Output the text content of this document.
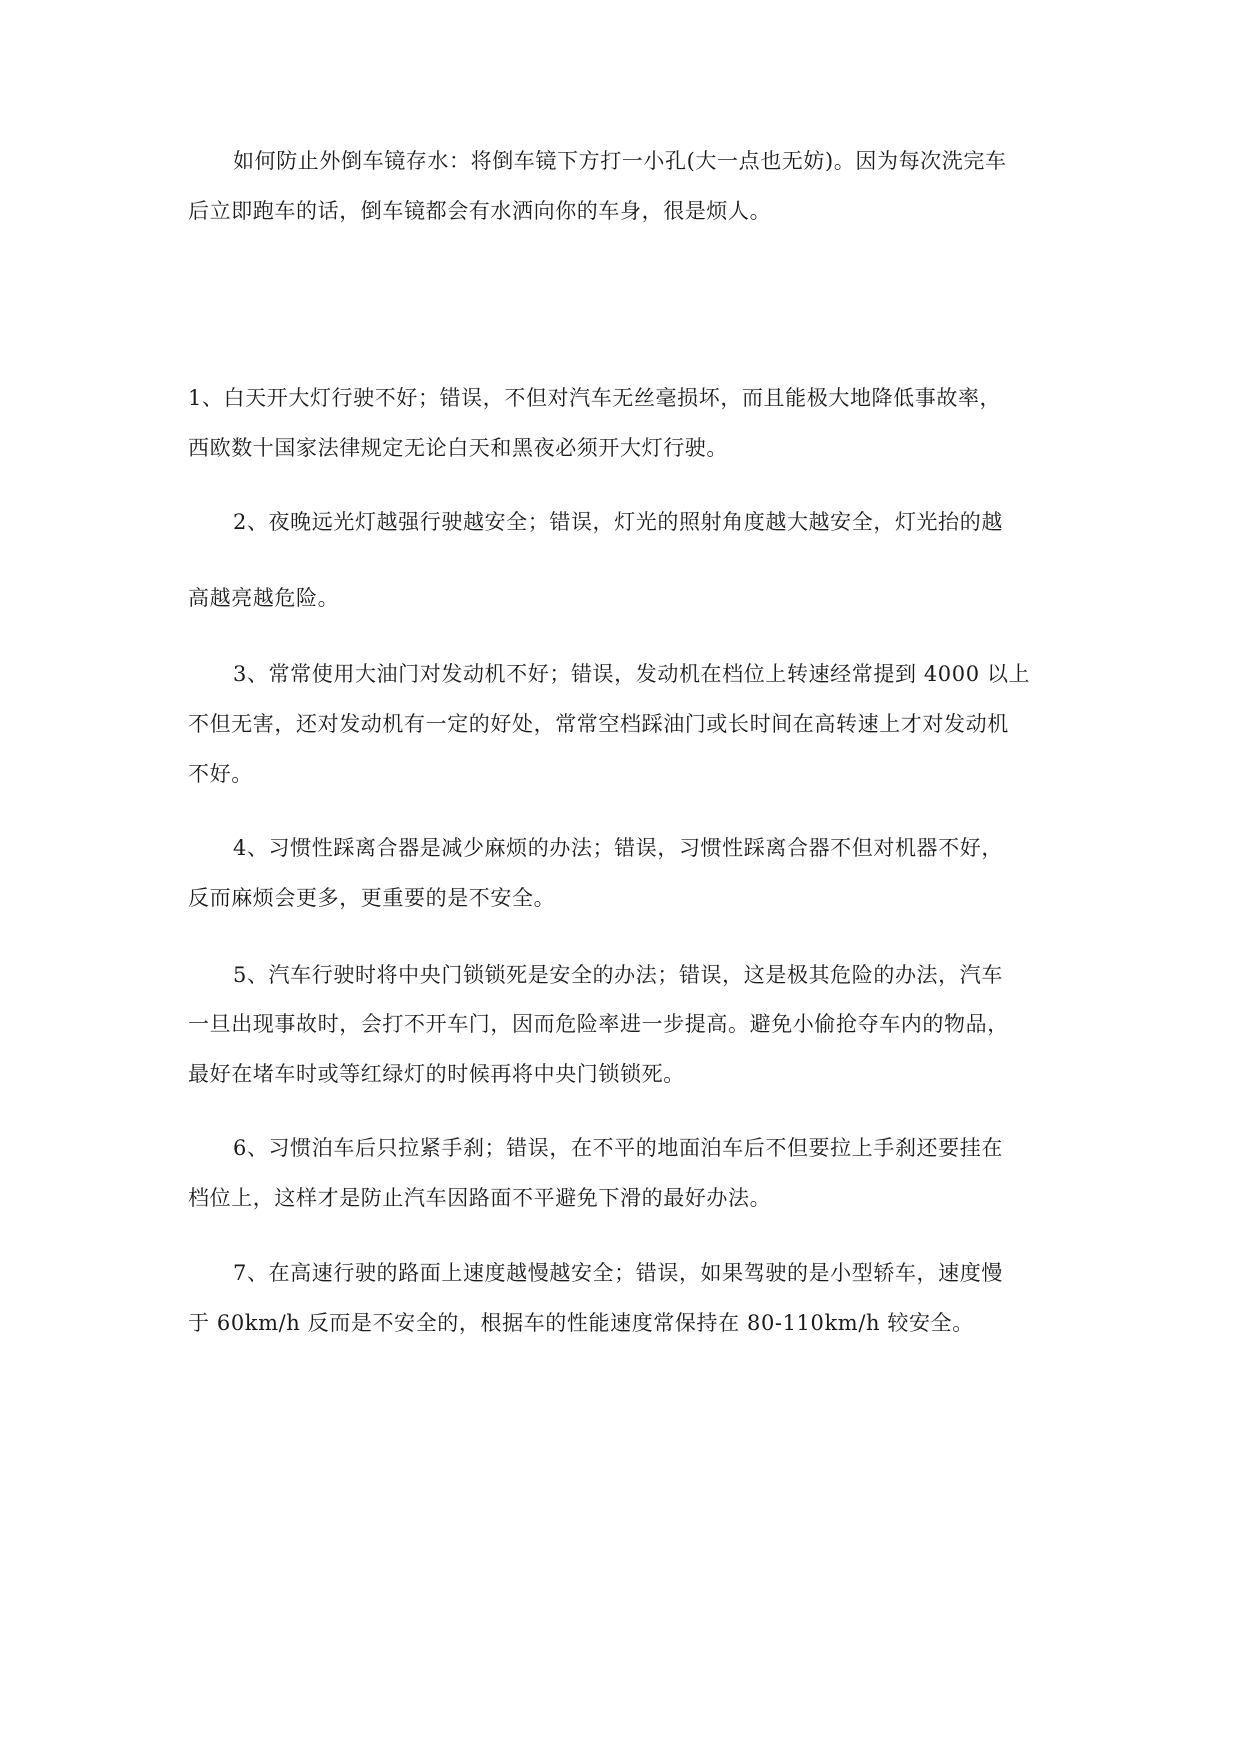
如何防止外倒车镜存水：将倒车镜下方打一小孔(大一点也无妨)。因为每次洗完车
后立即跑车的话，倒车镜都会有水洒向你的车身，很是烦人。
1、白天开大灯行驶不好；错误，不但对汽车无丝毫损坏，而且能极大地降低事故率，
西欧数十国家法律规定无论白天和黑夜必须开大灯行驶。
2、夜晚远光灯越强行驶越安全；错误，灯光的照射角度越大越安全，灯光抬的越
高越亮越危险。
3、常常使用大油门对发动机不好；错误，发动机在档位上转速经常提到 4000 以上
不但无害，还对发动机有一定的好处，常常空档踩油门或长时间在高转速上才对发动机
不好。
4、习惯性踩离合器是减少麻烦的办法；错误，习惯性踩离合器不但对机器不好，
反而麻烦会更多，更重要的是不安全。
5、汽车行驶时将中央门锁锁死是安全的办法；错误，这是极其危险的办法，汽车
一旦出现事故时，会打不开车门，因而危险率进一步提高。避免小偷抢夺车内的物品，
最好在堵车时或等红绿灯的时候再将中央门锁锁死。
6、习惯泊车后只拉紧手刹；错误，在不平的地面泊车后不但要拉上手刹还要挂在
档位上，这样才是防止汽车因路面不平避免下滑的最好办法。
7、在高速行驶的路面上速度越慢越安全；错误，如果驾驶的是小型轿车，速度慢
于 60km/h 反而是不安全的，根据车的性能速度常保持在 80-110km/h 较安全。
